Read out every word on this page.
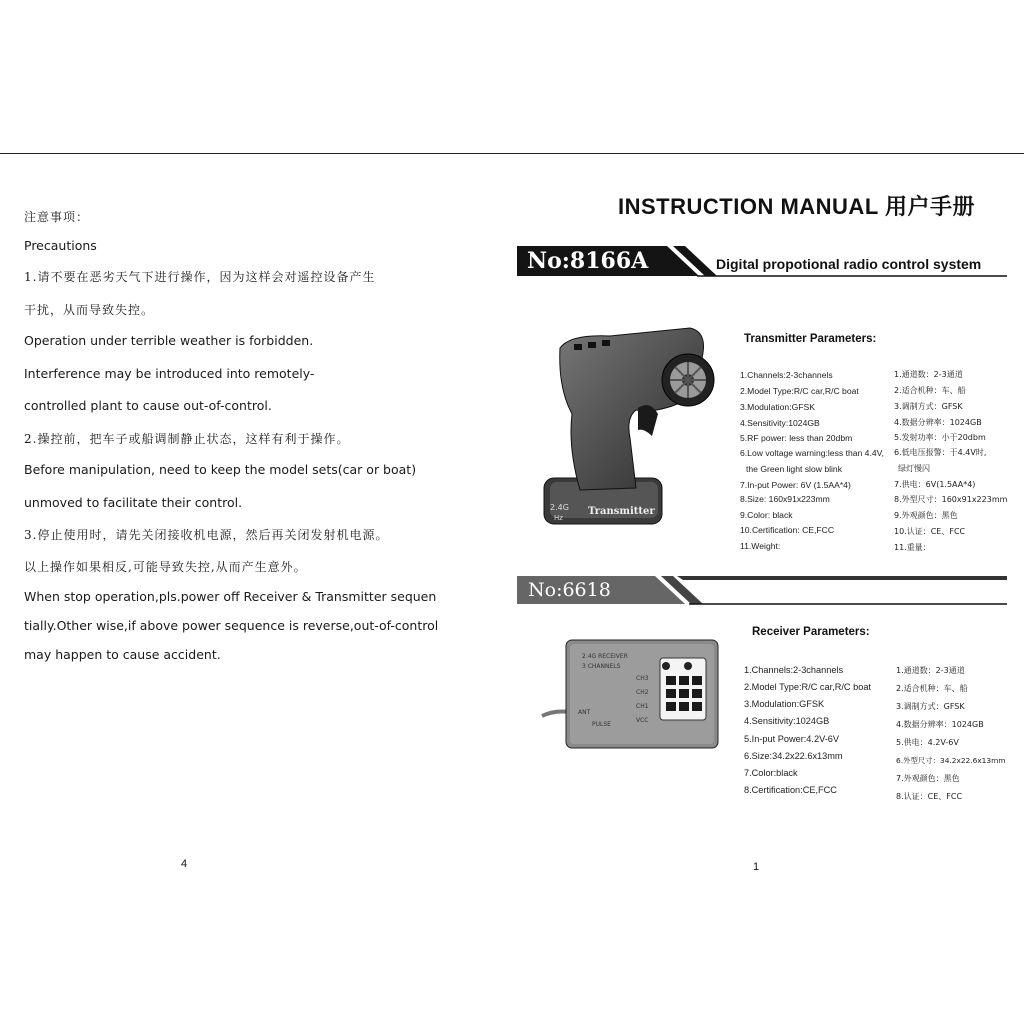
注意事项：
Precautions
1.请不要在恶劣天气下进行操作，因为这样会对遥控设备产生
干扰，从而导致失控。
Operation under terrible weather is forbidden.
Interference may be introduced into remotely-
controlled plant to cause out-of-control.
2.操控前，把车子或船调制静止状态，这样有利于操作。
Before manipulation, need to keep the model sets(car or boat)
unmoved to facilitate their control.
3.停止使用时，请先关闭接收机电源，然后再关闭发射机电源。
以上操作如果相反,可能导致失控,从而产生意外。
When stop operation,pls.power off Receiver & Transmitter sequen
tially.Other wise,if above power sequence is reverse,out-of-control
may happen to cause accident.
4
INSTRUCTION MANUAL 用户手册
No:8166A	Digital propotional radio control system
2.4G
Hz
Transmitter
Transmitter Parameters:
1.Channels:2-3channels
2.Model Type:R/C car,R/C boat
3.Modulation:GFSK
4.Sensitivity:1024GB
5.RF power: less than 20dbm
6.Low voltage warning:less than 4.4V,
the Green light slow blink
7.In-put Power: 6V (1.5AA*4)
8.Size: 160x91x223mm
9.Color: black
10.Certification: CE,FCC
11.Weight:
1.通道数：2-3通道
2.适合机种：车、船
3.调制方式：GFSK
4.数据分辨率：1024GB
5.发射功率：小于20dbm
6.低电压报警：于4.4V时,
绿灯慢闪
7.供电：6V(1.5AA*4)
8.外型尺寸：160x91x223mm
9.外观颜色：黑色
10.认证：CE、FCC
11.重量：
No:6618
2.4G RECEIVER
3 CHANNELS
CH3
CH2
CH1
VCC
ANT
PULSE
Receiver Parameters:
1.Channels:2-3channels
2.Model Type:R/C car,R/C boat
3.Modulation:GFSK
4.Sensitivity:1024GB
5.In-put Power:4.2V-6V
6.Size:34.2x22.6x13mm
7.Color:black
8.Certification:CE,FCC
1.通道数：2-3通道
2.适合机种：车、船
3.调制方式：GFSK
4.数据分辨率：1024GB
5.供电：4.2V-6V
6.外型尺寸：34.2x22.6x13mm
7.外观颜色：黑色
8.认证：CE、FCC
1
